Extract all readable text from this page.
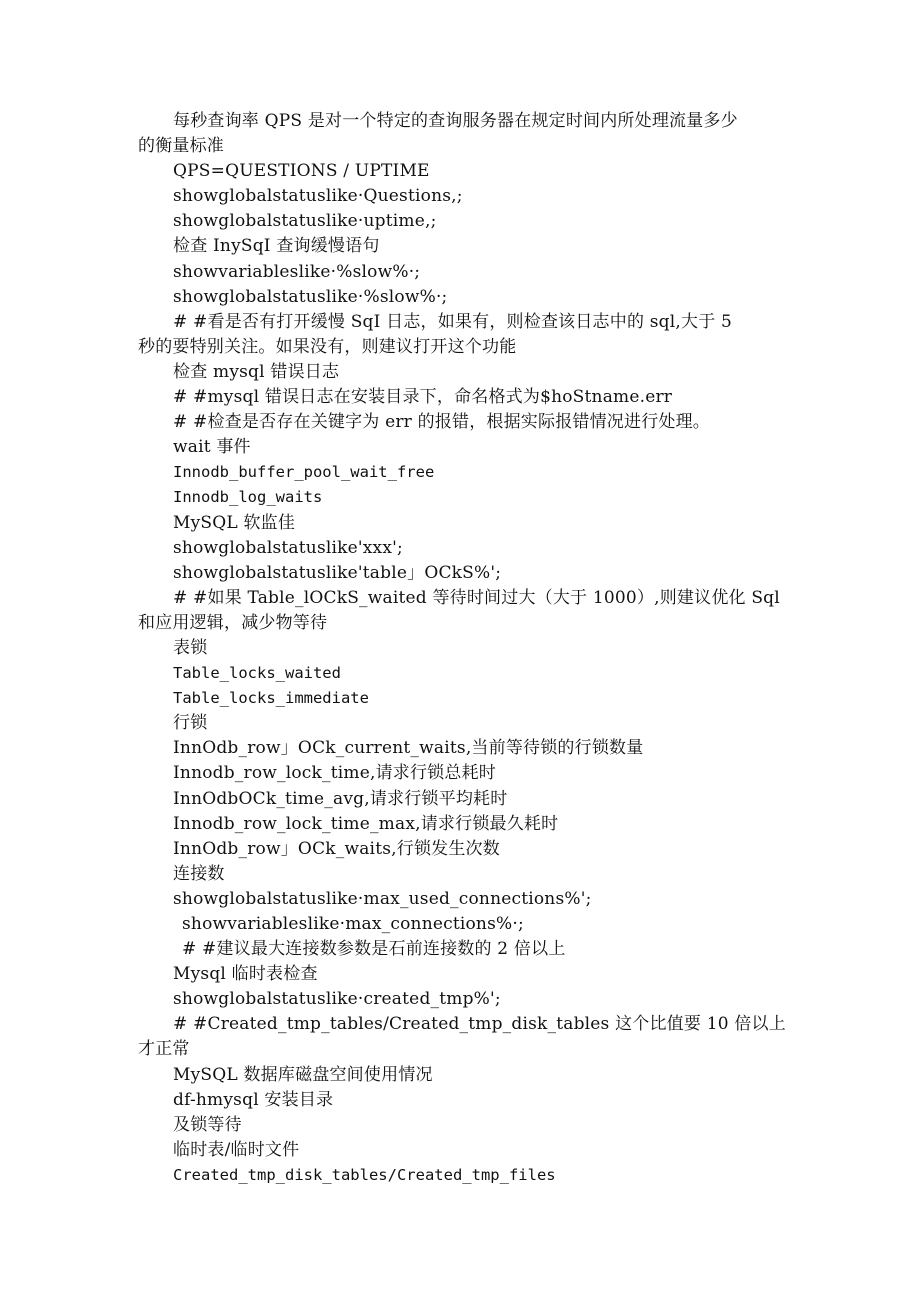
每秒查询率 QPS 是对一个特定的查询服务器在规定时间内所处理流量多少

的衡量标准

QPS=QUESTIONS / UPTIME

showglobalstatuslike·Questions,;

showglobalstatuslike·uptime,;

检查 InySqI 查询缓慢语句

showvariableslike·%slow%·;

showglobalstatuslike·%slow%·;

# #看是否有打开缓慢 SqI 日志，如果有，则检查该日志中的 sql,大于 5

秒的要特别关注。如果没有，则建议打开这个功能

检查 mysql 错误日志

# #mysql 错误日志在安装目录下，命名格式为$hoStname.err

# #检查是否存在关键字为 err 的报错，根据实际报错情况进行处理。

wait 事件

Innodb_buffer_pool_wait_free

Innodb_log_waits

MySQL 软监佳

showglobalstatuslike'xxx';

showglobalstatuslike'table」OCkS%';

# #如果 Table_lOCkS_waited 等待时间过大（大于 1000）,则建议优化 Sql

和应用逻辑，减少物等待

表锁

Table_locks_waited

Table_locks_immediate

行锁

InnOdb_row」OCk_current_waits,当前等待锁的行锁数量

Innodb_row_lock_time,请求行锁总耗时

InnOdbOCk_time_avg,请求行锁平均耗时

Innodb_row_lock_time_max,请求行锁最久耗时

InnOdb_row」OCk_waits,行锁发生次数

连接数

showglobalstatuslike·max_used_connections%';

showvariableslike·max_connections%·;

# #建议最大连接数参数是石前连接数的 2 倍以上

Mysql 临时表检查

showglobalstatuslike·created_tmp%';

# #Created_tmp_tables/Created_tmp_disk_tables 这个比值要 10 倍以上

才正常

MySQL 数据库磁盘空间使用情况

df-hmysql 安装目录

及锁等待

临时表/临时文件

Created_tmp_disk_tables/Created_tmp_files
